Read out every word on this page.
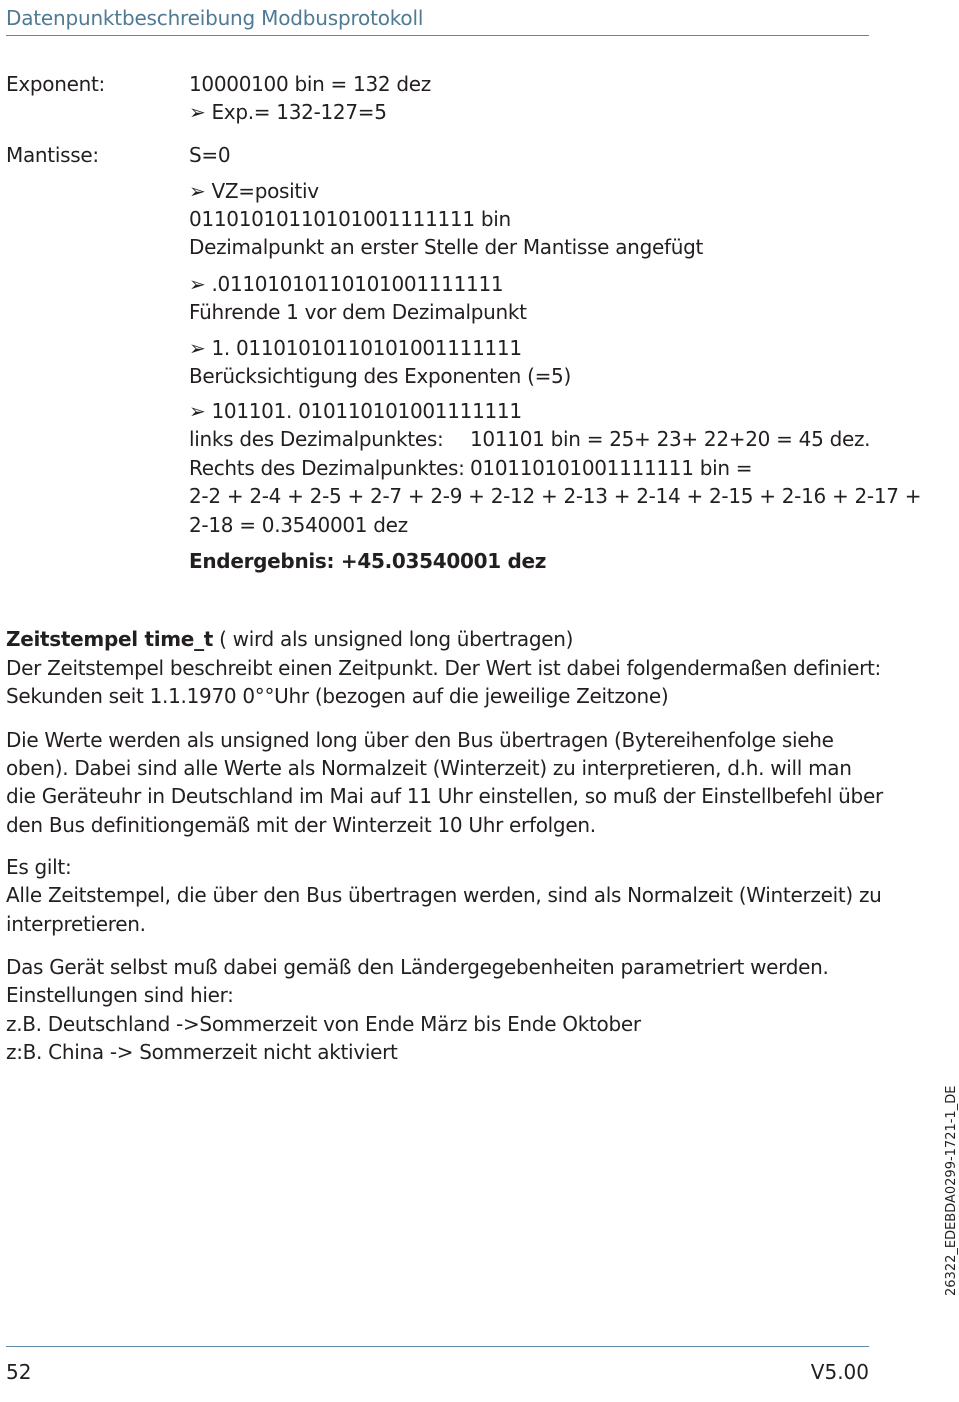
Datenpunktbeschreibung Modbusprotokoll
Exponent:	10000100 bin = 132 dez
➢ Exp.= 132-127=5
Mantisse:	S=0
➢ VZ=positiv
01101010110101001111111 bin
Dezimalpunkt an erster Stelle der Mantisse angefügt
➢ .01101010110101001111111
Führende 1 vor dem Dezimalpunkt
➢ 1. 01101010110101001111111
Berücksichtigung des Exponenten (=5)
➢ 101101. 010110101001111111
links des Dezimalpunktes: 101101 bin = 25+ 23+ 22+20 = 45 dez.
Rechts des Dezimalpunktes: 010110101001111111 bin =
2-2 + 2-4 + 2-5 + 2-7 + 2-9 + 2-12 + 2-13 + 2-14 + 2-15 + 2-16 + 2-17 +
2-18 = 0.3540001 dez
Endergebnis: +45.03540001 dez
Zeitstempel time_t ( wird als unsigned long übertragen)
Der Zeitstempel beschreibt einen Zeitpunkt. Der Wert ist dabei folgendermaßen definiert:
Sekunden seit 1.1.1970 0°°Uhr (bezogen auf die jeweilige Zeitzone)
Die Werte werden als unsigned long über den Bus übertragen (Bytereihenfolge siehe
oben). Dabei sind alle Werte als Normalzeit (Winterzeit) zu interpretieren, d.h. will man
die Geräteuhr in Deutschland im Mai auf 11 Uhr einstellen, so muß der Einstellbefehl über
den Bus definitiongemäß mit der Winterzeit 10 Uhr erfolgen.
Es gilt:
Alle Zeitstempel, die über den Bus übertragen werden, sind als Normalzeit (Winterzeit) zu
interpretieren.
Das Gerät selbst muß dabei gemäß den Ländergegebenheiten parametriert werden.
Einstellungen sind hier:
z.B. Deutschland ->Sommerzeit von Ende März bis Ende Oktober
z:B. China -> Sommerzeit nicht aktiviert
26322_EDEBDA0299-1721-1_DE
52	V5.00
